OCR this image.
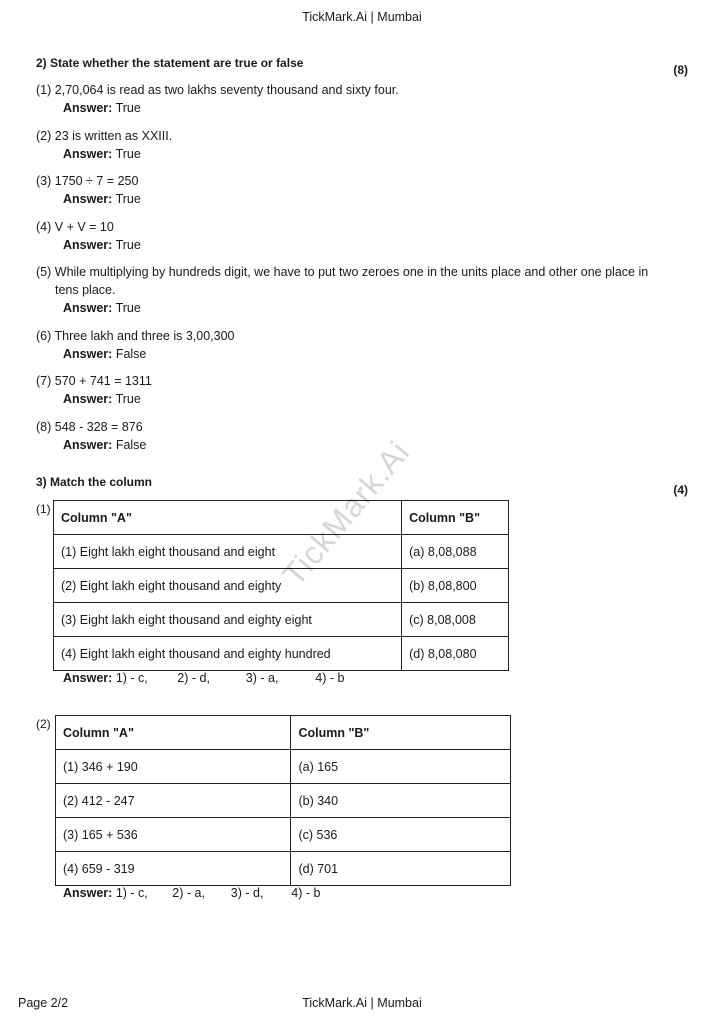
TickMark.Ai | Mumbai
2) State whether the statement are true or false	(8)
(1) 2,70,064 is read as two lakhs seventy thousand and sixty four.
Answer: True
(2) 23 is written as XXIII.
Answer: True
(3) 1750 ÷ 7 = 250
Answer: True
(4) V + V = 10
Answer: True
(5) While multiplying by hundreds digit, we have to put two zeroes one in the units place and other one place in
tens place.
Answer: True
(6) Three lakh and three is 3,00,300
Answer: False
(7) 570 + 741 = 1311
Answer: True
(8) 548 - 328 = 876
Answer: False
3) Match the column
(4)
(1)
Column "A"	Column "B"
(1) Eight lakh eight thousand and eight	(a) 8,08,088
(2) Eight lakh eight thousand and eighty	(b) 8,08,800
(3) Eight lakh eight thousand and eighty eight	(c) 8,08,008
(4) Eight lakh eight thousand and eighty hundred	(d) 8,08,080
Answer: 1) - c, 2) - d,	3) - a,	4) - b
(2)
Column "A"	Column "B"
(1) 346 + 190	(a) 165
(2) 412 - 247	(b) 340
(3) 165 + 536	(c) 536
(4) 659 - 319	(d) 701
Answer: 1) - c, 2) - a, 3) - d, 4) - b
TickMark.Ai
Page 2/2	TickMark.Ai | Mumbai
